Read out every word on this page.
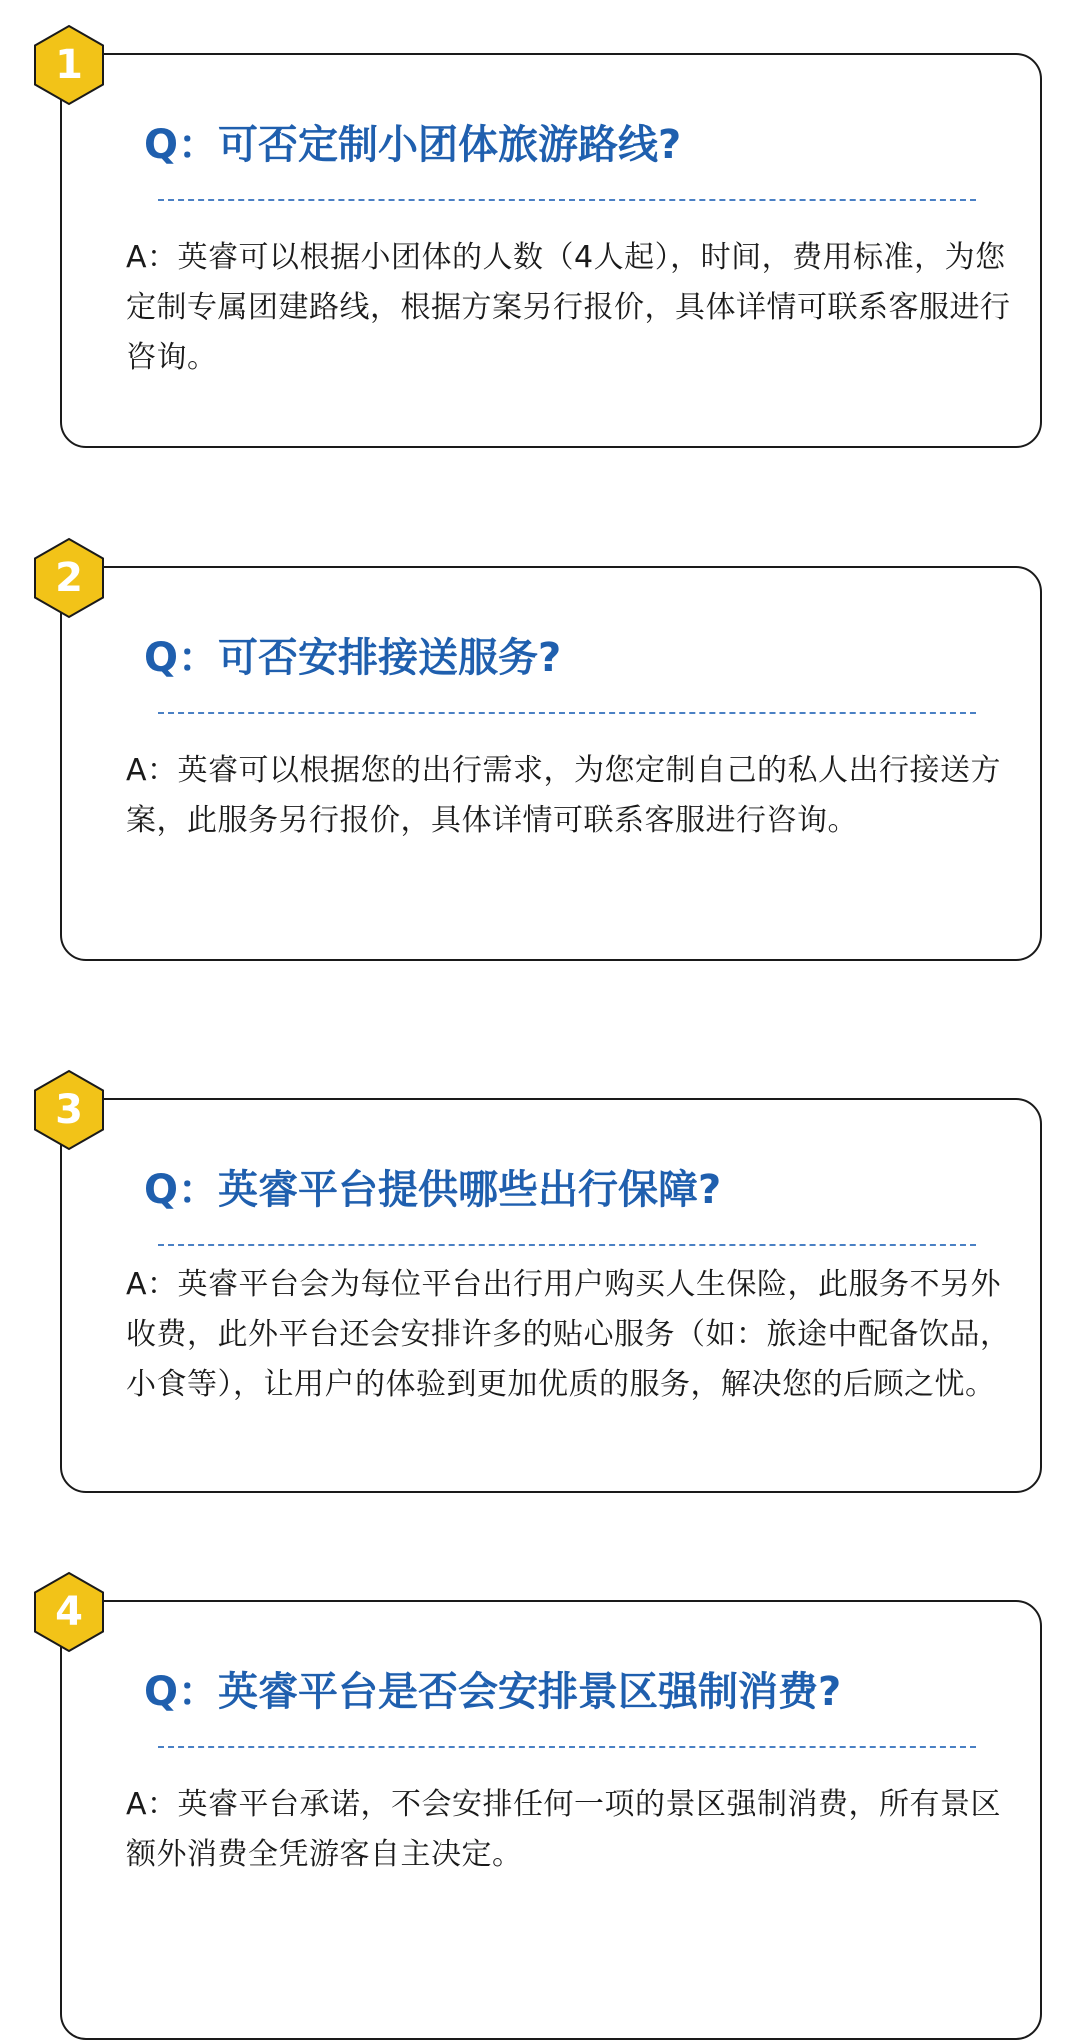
1
Q：可否定制小团体旅游路线?

A：英睿可以根据小团体的人数（4人起），时间，费用标准，为您定制专属团建路线，根据方案另行报价，具体详情可联系客服进行咨询。

2
Q：可否安排接送服务?

A：英睿可以根据您的出行需求，为您定制自己的私人出行接送方案，此服务另行报价，具体详情可联系客服进行咨询。

3
Q：英睿平台提供哪些出行保障?

A：英睿平台会为每位平台出行用户购买人生保险，此服务不另外收费，此外平台还会安排许多的贴心服务（如：旅途中配备饮品，小食等），让用户的体验到更加优质的服务，解决您的后顾之忧。

4
Q：英睿平台是否会安排景区强制消费?

A：英睿平台承诺，不会安排任何一项的景区强制消费，所有景区额外消费全凭游客自主决定。
